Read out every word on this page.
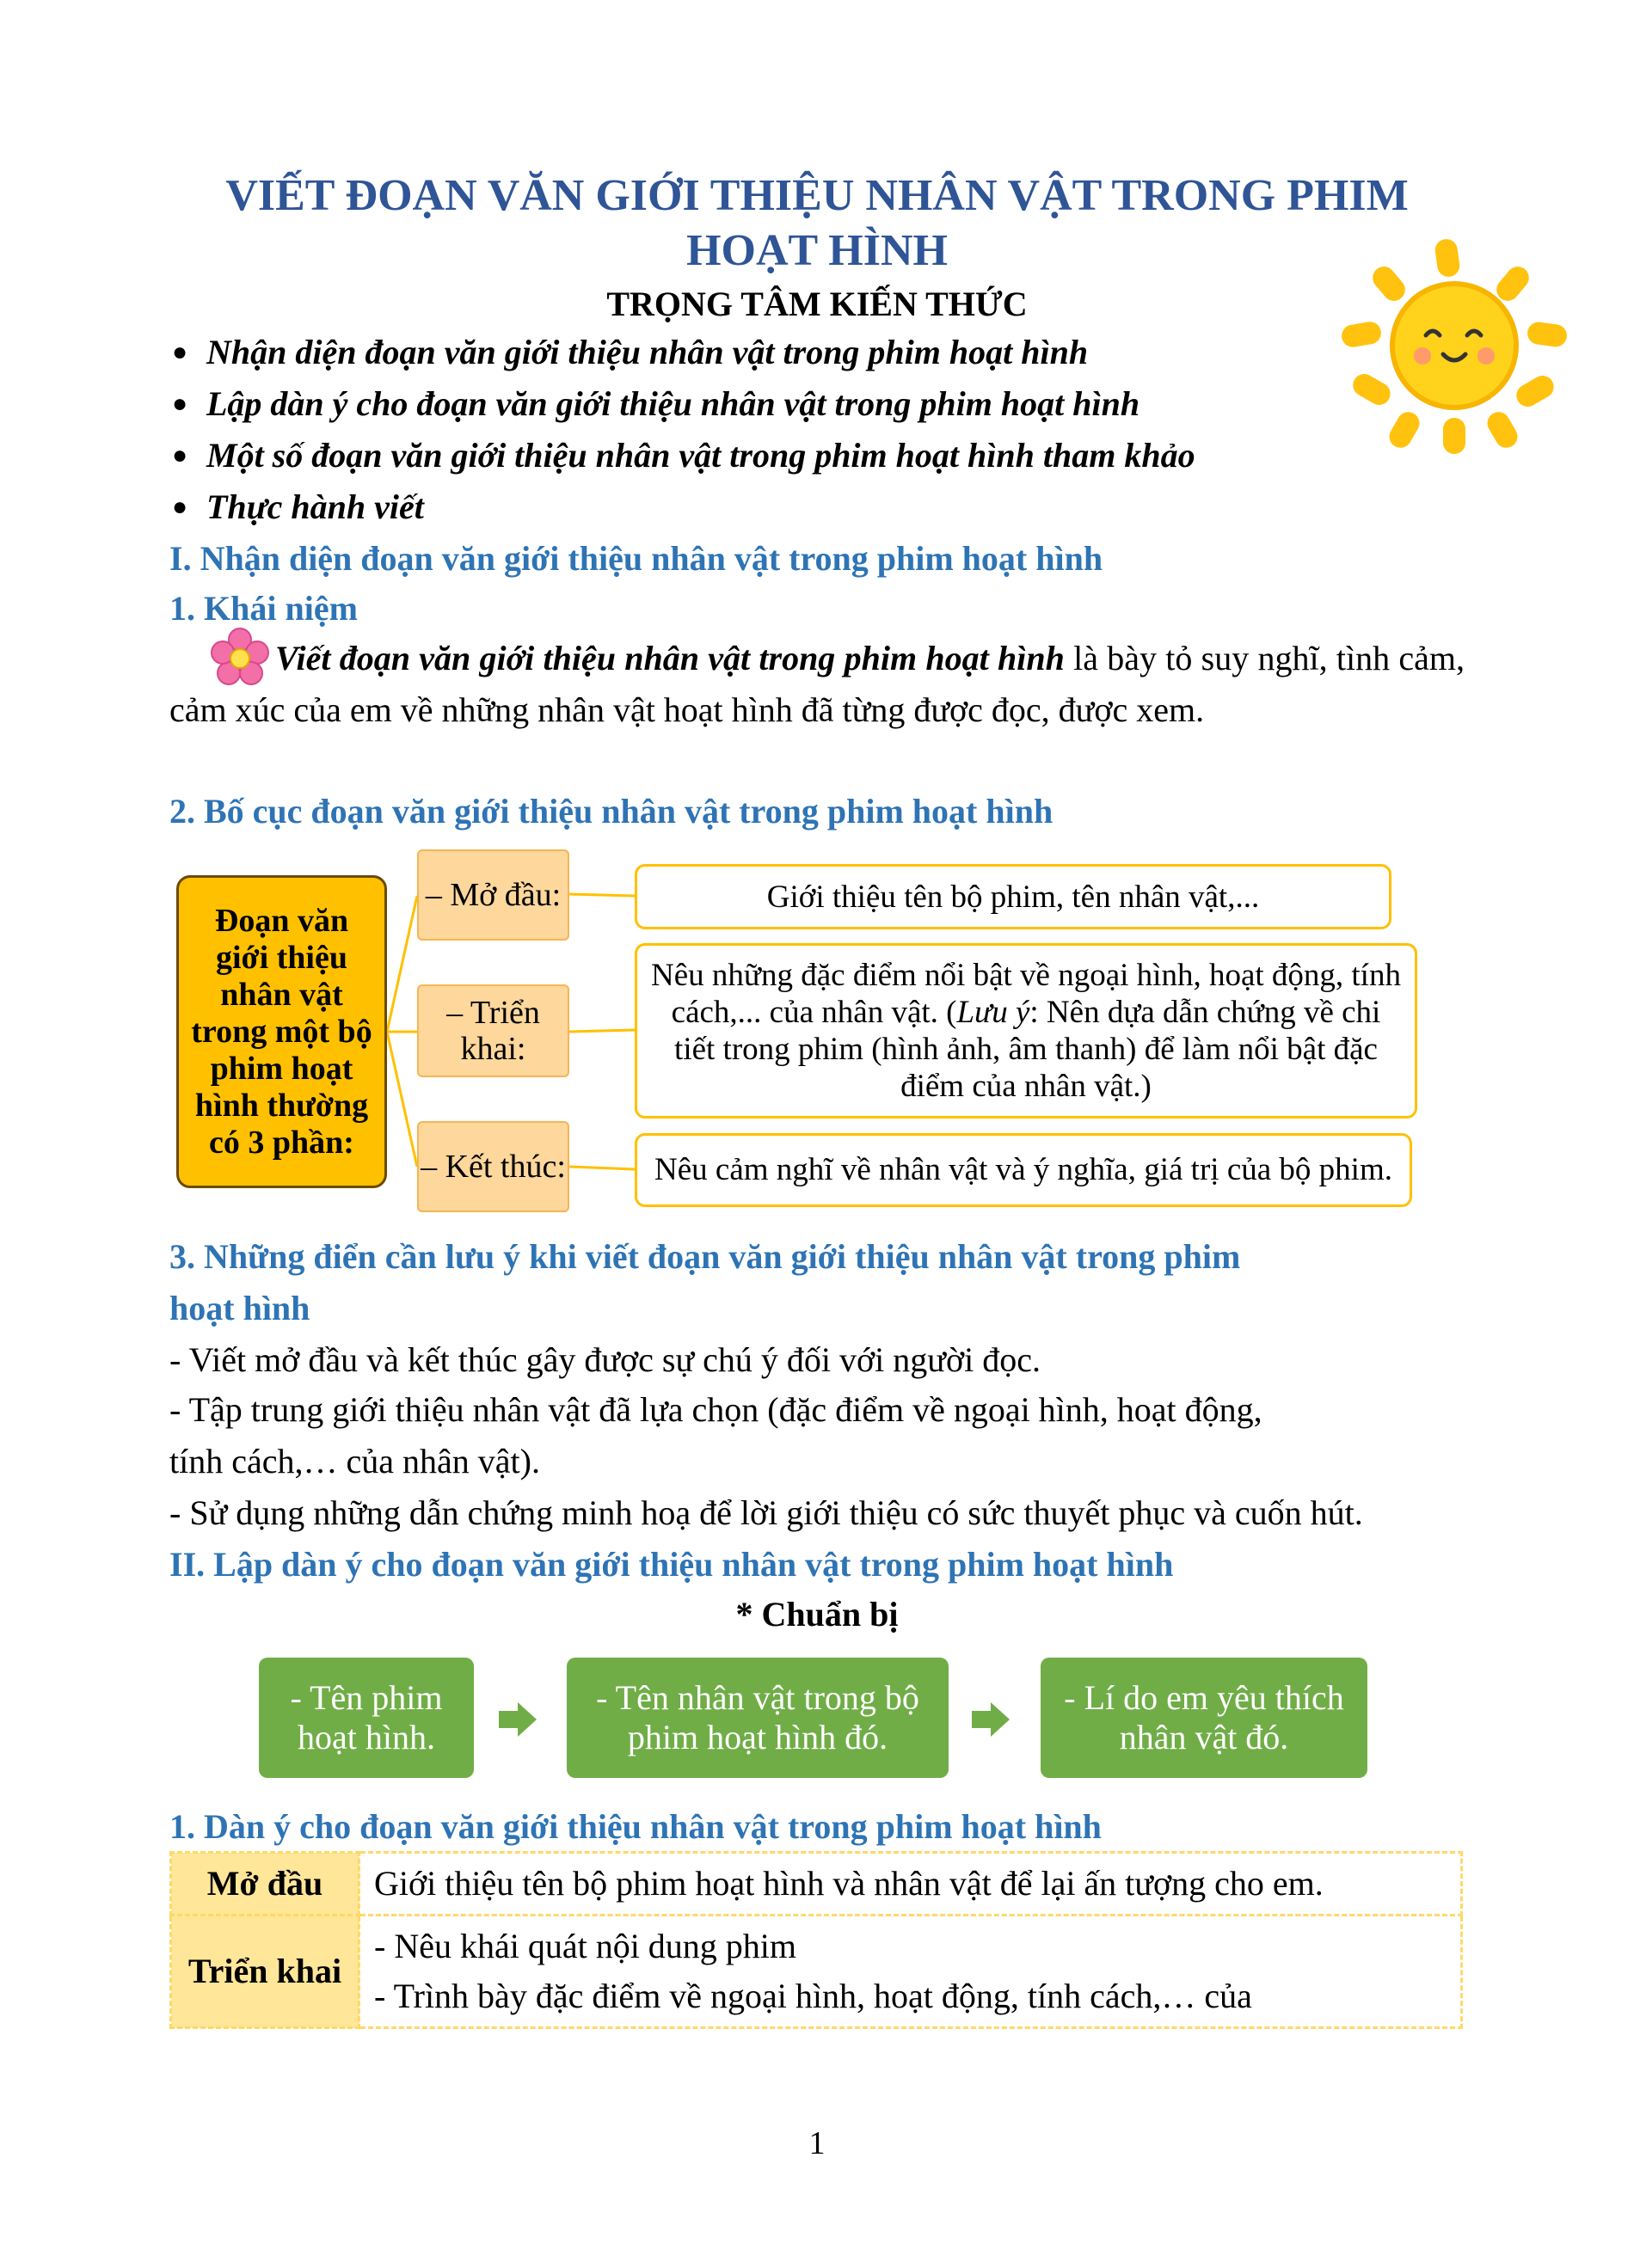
VIẾT ĐOẠN VĂN GIỚI THIỆU NHÂN VẬT TRONG PHIM
HOẠT HÌNH
TRỌNG TÂM KIẾN THỨC
● Nhận diện đoạn văn giới thiệu nhân vật trong phim hoạt hình
● Lập dàn ý cho đoạn văn giới thiệu nhân vật trong phim hoạt hình
● Một số đoạn văn giới thiệu nhân vật trong phim hoạt hình tham khảo
● Thực hành viết
I. Nhận diện đoạn văn giới thiệu nhân vật trong phim hoạt hình
1. Khái niệm
Viết đoạn văn giới thiệu nhân vật trong phim hoạt hình là bày tỏ suy nghĩ, tình cảm, cảm xúc của em về những nhân vật hoạt hình đã từng được đọc, được xem.
2. Bố cục đoạn văn giới thiệu nhân vật trong phim hoạt hình
Đoạn văn giới thiệu nhân vật trong một bộ phim hoạt hình thường có 3 phần:
– Mở đầu:
– Triển khai:
– Kết thúc:
Giới thiệu tên bộ phim, tên nhân vật,...
Nêu những đặc điểm nổi bật về ngoại hình, hoạt động, tính cách,... của nhân vật. (Lưu ý: Nên dựa dẫn chứng về chi tiết trong phim (hình ảnh, âm thanh) để làm nổi bật đặc điểm của nhân vật.)
Nêu cảm nghĩ về nhân vật và ý nghĩa, giá trị của bộ phim.
3. Những điển cần lưu ý khi viết đoạn văn giới thiệu nhân vật trong phim
hoạt hình
- Viết mở đầu và kết thúc gây được sự chú ý đối với người đọc.
- Tập trung giới thiệu nhân vật đã lựa chọn (đặc điểm về ngoại hình, hoạt động,
tính cách,… của nhân vật).
- Sử dụng những dẫn chứng minh hoạ để lời giới thiệu có sức thuyết phục và cuốn hút.
II. Lập dàn ý cho đoạn văn giới thiệu nhân vật trong phim hoạt hình
* Chuẩn bị
- Tên phim hoạt hình.
- Tên nhân vật trong bộ phim hoạt hình đó.
- Lí do em yêu thích nhân vật đó.
1. Dàn ý cho đoạn văn giới thiệu nhân vật trong phim hoạt hình
Mở đầu	Giới thiệu tên bộ phim hoạt hình và nhân vật để lại ấn tượng cho em.
Triển khai	- Nêu khái quát nội dung phim
- Trình bày đặc điểm về ngoại hình, hoạt động, tính cách,… của
1
